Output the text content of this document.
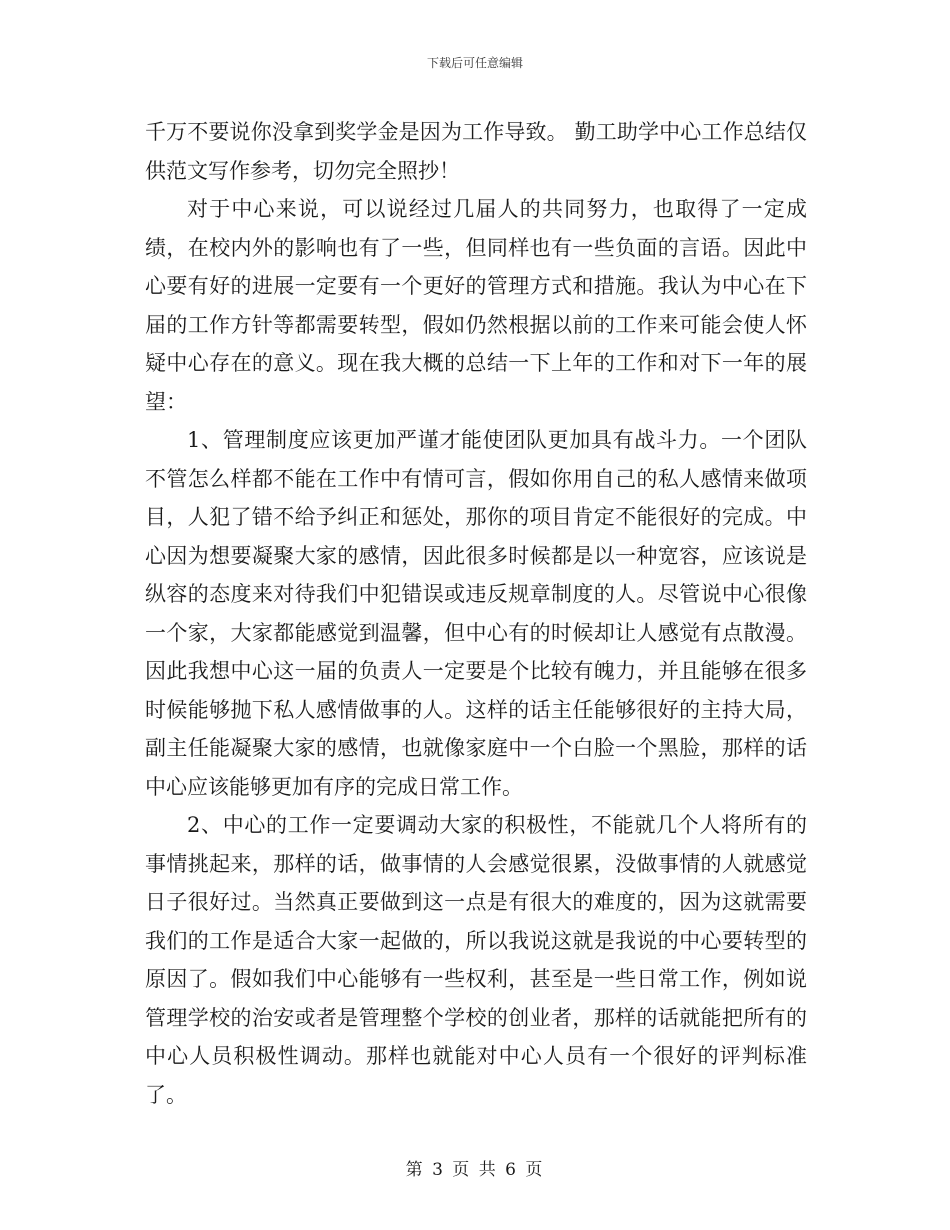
下载后可任意编辑

千万不要说你没拿到奖学金是因为工作导致。 勤工助学中心工作总结仅供范文写作参考，切勿完全照抄！

对于中心来说，可以说经过几届人的共同努力，也取得了一定成绩，在校内外的影响也有了一些，但同样也有一些负面的言语。因此中心要有好的进展一定要有一个更好的管理方式和措施。我认为中心在下届的工作方针等都需要转型，假如仍然根据以前的工作来可能会使人怀疑中心存在的意义。现在我大概的总结一下上年的工作和对下一年的展望：

1、管理制度应该更加严谨才能使团队更加具有战斗力。一个团队不管怎么样都不能在工作中有情可言，假如你用自己的私人感情来做项目，人犯了错不给予纠正和惩处，那你的项目肯定不能很好的完成。中心因为想要凝聚大家的感情，因此很多时候都是以一种宽容，应该说是纵容的态度来对待我们中犯错误或违反规章制度的人。尽管说中心很像一个家，大家都能感觉到温馨，但中心有的时候却让人感觉有点散漫。因此我想中心这一届的负责人一定要是个比较有魄力，并且能够在很多时候能够抛下私人感情做事的人。这样的话主任能够很好的主持大局，副主任能凝聚大家的感情，也就像家庭中一个白脸一个黑脸，那样的话中心应该能够更加有序的完成日常工作。

2、中心的工作一定要调动大家的积极性，不能就几个人将所有的事情挑起来，那样的话，做事情的人会感觉很累，没做事情的人就感觉日子很好过。当然真正要做到这一点是有很大的难度的，因为这就需要我们的工作是适合大家一起做的，所以我说这就是我说的中心要转型的原因了。假如我们中心能够有一些权利，甚至是一些日常工作，例如说管理学校的治安或者是管理整个学校的创业者，那样的话就能把所有的中心人员积极性调动。那样也就能对中心人员有一个很好的评判标准了。

第 3 页 共 6 页
